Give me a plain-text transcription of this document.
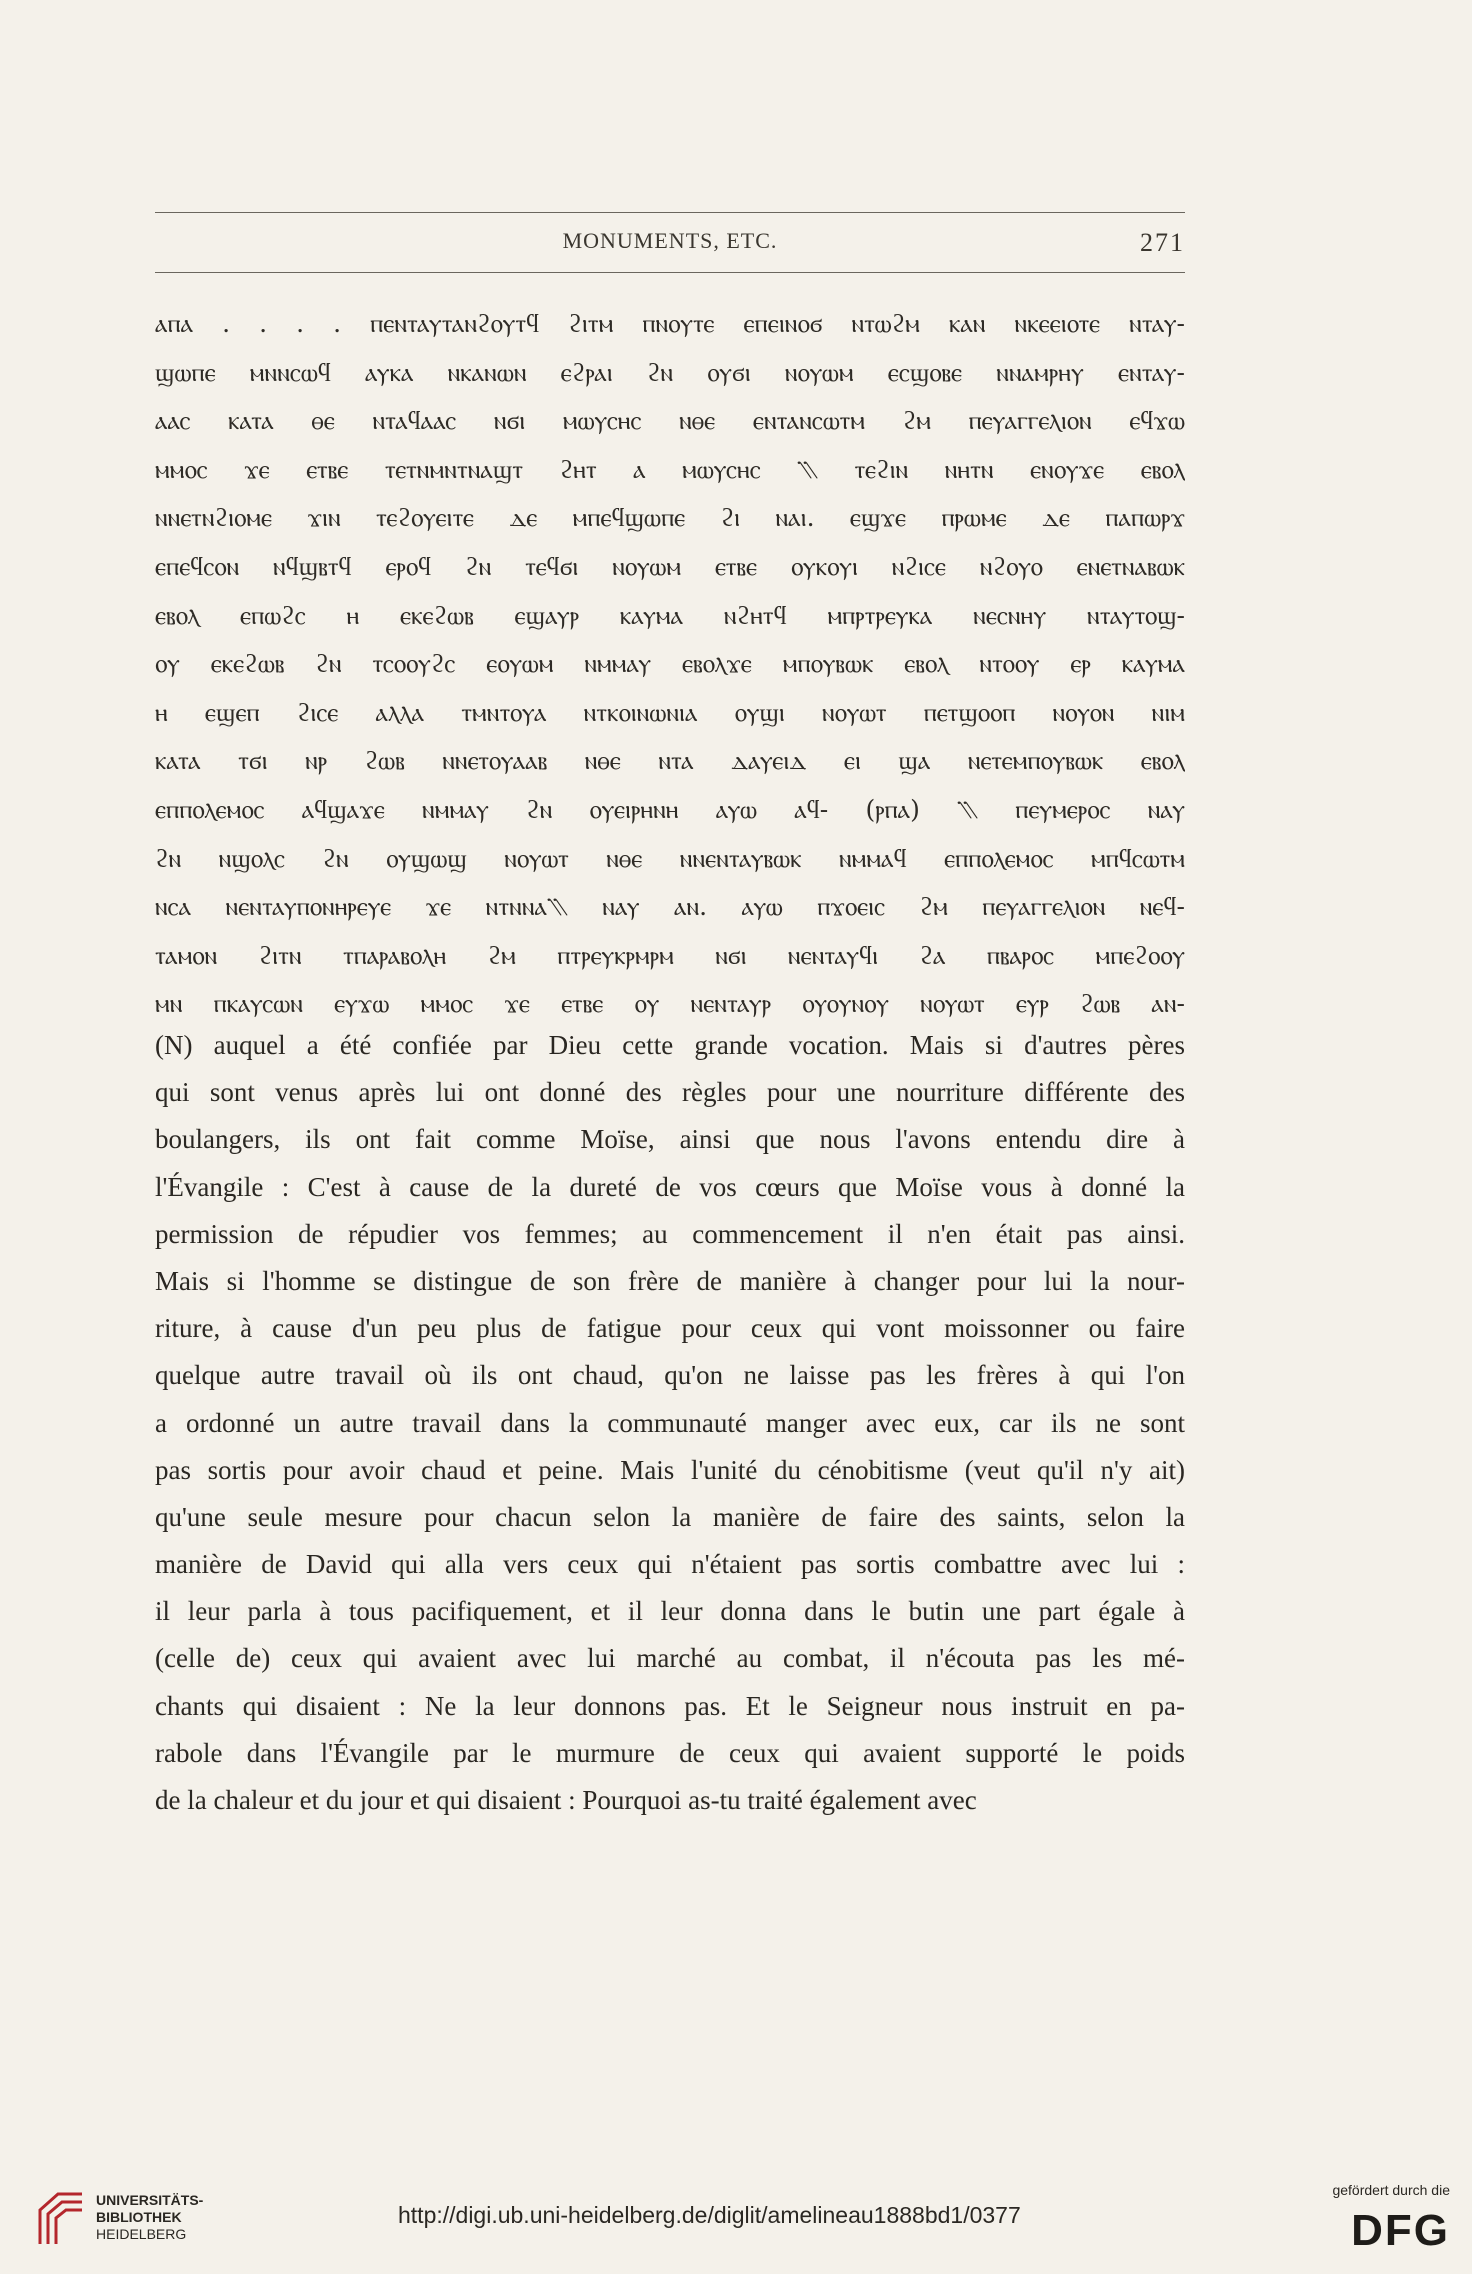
MONUMENTS, ETC.	271
ⲁⲡⲁ . . . . ⲡⲉⲛⲧⲁⲩⲧⲁⲛϩⲟⲩⲧϥ ϩⲓⲧⲙ ⲡⲛⲟⲩⲧⲉ ⲉⲡⲉⲓⲛⲟϭ ⲛⲧⲱϩⲙ ⲕⲁⲛ ⲛⲕⲉⲉⲓⲟⲧⲉ ⲛⲧⲁⲩ-
ϣⲱⲡⲉ ⲙⲛⲛⲥⲱϥ ⲁⲩⲕⲁ ⲛⲕⲁⲛⲱⲛ ⲉϩⲣⲁⲓ ϩⲛ ⲟⲩϭⲓ ⲛⲟⲩⲱⲙ ⲉⲥϣⲟⲃⲉ ⲛⲛⲁⲙⲣⲏⲩ ⲉⲛⲧⲁⲩ-
ⲁⲁⲥ ⲕⲁⲧⲁ ⲑⲉ ⲛⲧⲁϥⲁⲁⲥ ⲛϭⲓ ⲙⲱⲩⲥⲏⲥ ⲛⲑⲉ ⲉⲛⲧⲁⲛⲥⲱⲧⲙ ϩⲙ ⲡⲉⲩⲁⲅⲅⲉⲗⲓⲟⲛ ⲉϥϫⲱ
ⲙⲙⲟⲥ ϫⲉ ⲉⲧⲃⲉ ⲧⲉⲧⲛⲙⲛⲧⲛⲁϣⲧ ϩⲏⲧ ⲁ ⲙⲱⲩⲥⲏⲥ ⳹ ⲧⲉϩⲓⲛ ⲛⲏⲧⲛ ⲉⲛⲟⲩϫⲉ ⲉⲃⲟⲗ
ⲛⲛⲉⲧⲛϩⲓⲟⲙⲉ ϫⲓⲛ ⲧⲉϩⲟⲩⲉⲓⲧⲉ ⲇⲉ ⲙⲡⲉϥϣⲱⲡⲉ ϩⲓ ⲛⲁⲓ. ⲉϣϫⲉ ⲡⲣⲱⲙⲉ ⲇⲉ ⲡⲁⲡⲱⲣϫ
ⲉⲡⲉϥⲥⲟⲛ ⲛϥϣⲃⲧϥ ⲉⲣⲟϥ ϩⲛ ⲧⲉϥϭⲓ ⲛⲟⲩⲱⲙ ⲉⲧⲃⲉ ⲟⲩⲕⲟⲩⲓ ⲛϩⲓⲥⲉ ⲛϩⲟⲩⲟ ⲉⲛⲉⲧⲛⲁⲃⲱⲕ
ⲉⲃⲟⲗ ⲉⲡⲱϩⲥ ⲏ ⲉⲕⲉϩⲱⲃ ⲉϣⲁⲩⲣ ⲕⲁⲩⲙⲁ ⲛϩⲏⲧϥ ⲙⲡⲣⲧⲣⲉⲩⲕⲁ ⲛⲉⲥⲛⲏⲩ ⲛⲧⲁⲩⲧⲟϣ-
ⲟⲩ ⲉⲕⲉϩⲱⲃ ϩⲛ ⲧⲥⲟⲟⲩϩⲥ ⲉⲟⲩⲱⲙ ⲛⲙⲙⲁⲩ ⲉⲃⲟⲗϫⲉ ⲙⲡⲟⲩⲃⲱⲕ ⲉⲃⲟⲗ ⲛⲧⲟⲟⲩ ⲉⲣ ⲕⲁⲩⲙⲁ
ⲏ ⲉϣⲉⲡ ϩⲓⲥⲉ ⲁⲗⲗⲁ ⲧⲙⲛⲧⲟⲩⲁ ⲛⲧⲕⲟⲓⲛⲱⲛⲓⲁ ⲟⲩϣⲓ ⲛⲟⲩⲱⲧ ⲡⲉⲧϣⲟⲟⲡ ⲛⲟⲩⲟⲛ ⲛⲓⲙ
ⲕⲁⲧⲁ ⲧϭⲓ ⲛⲣ ϩⲱⲃ ⲛⲛⲉⲧⲟⲩⲁⲁⲃ ⲛⲑⲉ ⲛⲧⲁ ⲇⲁⲩⲉⲓⲇ ⲉⲓ ϣⲁ ⲛⲉⲧⲉⲙⲡⲟⲩⲃⲱⲕ ⲉⲃⲟⲗ
ⲉⲡⲡⲟⲗⲉⲙⲟⲥ ⲁϥϣⲁϫⲉ ⲛⲙⲙⲁⲩ ϩⲛ ⲟⲩⲉⲓⲣⲏⲛⲏ ⲁⲩⲱ ⲁϥ- (ⲣⲡⲁ) ⳹ ⲡⲉⲩⲙⲉⲣⲟⲥ ⲛⲁⲩ
ϩⲛ ⲛϣⲟⲗⲥ ϩⲛ ⲟⲩϣⲱϣ ⲛⲟⲩⲱⲧ ⲛⲑⲉ ⲛⲛⲉⲛⲧⲁⲩⲃⲱⲕ ⲛⲙⲙⲁϥ ⲉⲡⲡⲟⲗⲉⲙⲟⲥ ⲙⲡϥⲥⲱⲧⲙ
ⲛⲥⲁ ⲛⲉⲛⲧⲁⲩⲡⲟⲛⲏⲣⲉⲩⲉ ϫⲉ ⲛⲧⲛⲛⲁ⳹ ⲛⲁⲩ ⲁⲛ. ⲁⲩⲱ ⲡϫⲟⲉⲓⲥ ϩⲙ ⲡⲉⲩⲁⲅⲅⲉⲗⲓⲟⲛ ⲛⲉϥ-
ⲧⲁⲙⲟⲛ ϩⲓⲧⲛ ⲧⲡⲁⲣⲁⲃⲟⲗⲏ ϩⲙ ⲡⲧⲣⲉⲩⲕⲣⲙⲣⲙ ⲛϭⲓ ⲛⲉⲛⲧⲁⲩϥⲓ ϩⲁ ⲡⲃⲁⲣⲟⲥ ⲙⲡⲉϩⲟⲟⲩ
ⲙⲛ ⲡⲕⲁⲩⲥⲱⲛ ⲉⲩϫⲱ ⲙⲙⲟⲥ ϫⲉ ⲉⲧⲃⲉ ⲟⲩ ⲛⲉⲛⲧⲁⲩⲣ ⲟⲩⲟⲩⲛⲟⲩ ⲛⲟⲩⲱⲧ ⲉⲩⲣ ϩⲱⲃ ⲁⲛ-
(N) auquel a été confiée par Dieu cette grande vocation. Mais si d'autres pères
qui sont venus après lui ont donné des règles pour une nourriture différente des
boulangers, ils ont fait comme Moïse, ainsi que nous l'avons entendu dire à
l'Évangile : C'est à cause de la dureté de vos cœurs que Moïse vous à donné la
permission de répudier vos femmes; au commencement il n'en était pas ainsi.
Mais si l'homme se distingue de son frère de manière à changer pour lui la nour-
riture, à cause d'un peu plus de fatigue pour ceux qui vont moissonner ou faire
quelque autre travail où ils ont chaud, qu'on ne laisse pas les frères à qui l'on
a ordonné un autre travail dans la communauté manger avec eux, car ils ne sont
pas sortis pour avoir chaud et peine. Mais l'unité du cénobitisme (veut qu'il n'y ait)
qu'une seule mesure pour chacun selon la manière de faire des saints, selon la
manière de David qui alla vers ceux qui n'étaient pas sortis combattre avec lui :
il leur parla à tous pacifiquement, et il leur donna dans le butin une part égale à
(celle de) ceux qui avaient avec lui marché au combat, il n'écouta pas les mé-
chants qui disaient : Ne la leur donnons pas. Et le Seigneur nous instruit en pa-
rabole dans l'Évangile par le murmure de ceux qui avaient supporté le poids
de la chaleur et du jour et qui disaient : Pourquoi as-tu traité également avec
UNIVERSITÄTS-
BIBLIOTHEK
HEIDELBERG
http://digi.ub.uni-heidelberg.de/diglit/amelineau1888bd1/0377
gefördert durch die
DFG
